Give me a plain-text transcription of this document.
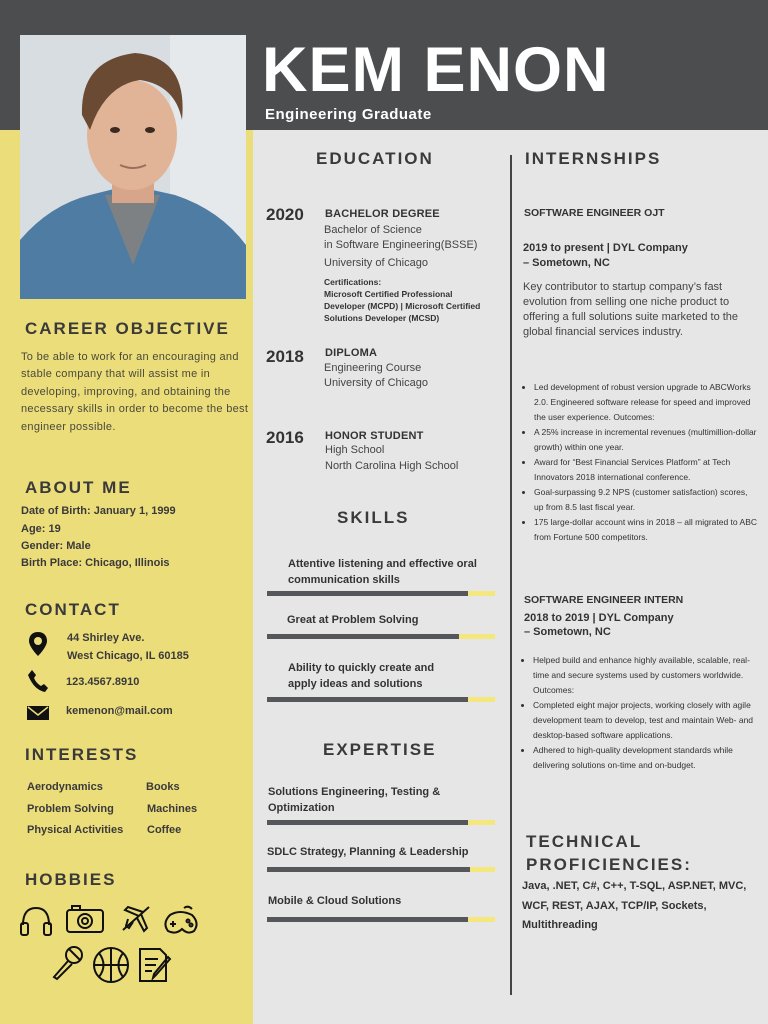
KEM ENON
Engineering Graduate
CAREER OBJECTIVE
To be able to work for an encouraging and stable company that will assist me in developing, improving, and obtaining the necessary skills in order to become the best engineer possible.
ABOUT ME
Date of Birth: January 1, 1999
Age: 19
Gender: Male
Birth Place: Chicago, Illinois
CONTACT
44 Shirley Ave.
West Chicago, IL 60185
123.4567.8910
kemenon@mail.com
INTERESTS
Aerodynamics	Books
Problem Solving	Machines
Physical Activities Coffee
HOBBIES
EDUCATION
2020 BACHELOR DEGREE
Bachelor of Science
in Software Engineering(BSSE)
University of Chicago
Certifications:
Microsoft Certified Professional Developer (MCPD) | Microsoft Certified Solutions Developer (MCSD)
2018 DIPLOMA
Engineering Course
University of Chicago
2016 HONOR STUDENT
High School
North Carolina High School
SKILLS
Attentive listening and effective oral communication skills
Great at Problem Solving
Ability to quickly create and apply ideas and solutions
EXPERTISE
Solutions Engineering, Testing & Optimization
SDLC Strategy, Planning & Leadership
Mobile & Cloud Solutions
INTERNSHIPS
SOFTWARE ENGINEER OJT
2019 to present | DYL Company
– Sometown, NC
Key contributor to startup company’s fast evolution from selling one niche product to offering a full solutions suite marketed to the global financial services industry.
• Led development of robust version upgrade to ABCWorks 2.0. Engineered software release for speed and improved the user experience. Outcomes:
• A 25% increase in incremental revenues (multimillion-dollar growth) within one year.
• Award for “Best Financial Services Platform” at Tech Innovators 2018 international conference.
• Goal-surpassing 9.2 NPS (customer satisfaction) scores, up from 8.5 last fiscal year.
• 175 large-dollar account wins in 2018 – all migrated to ABC from Fortune 500 competitors.
SOFTWARE ENGINEER INTERN
2018 to 2019 | DYL Company
– Sometown, NC
• Helped build and enhance highly available, scalable, real-time and secure systems used by customers worldwide. Outcomes:
• Completed eight major projects, working closely with agile development team to develop, test and maintain Web- and desktop-based software applications.
• Adhered to high-quality development standards while delivering solutions on-time and on-budget.
TECHNICAL
PROFICIENCIES:
Java, .NET, C#, C++, T-SQL, ASP.NET, MVC, WCF, REST, AJAX, TCP/IP, Sockets, Multithreading
